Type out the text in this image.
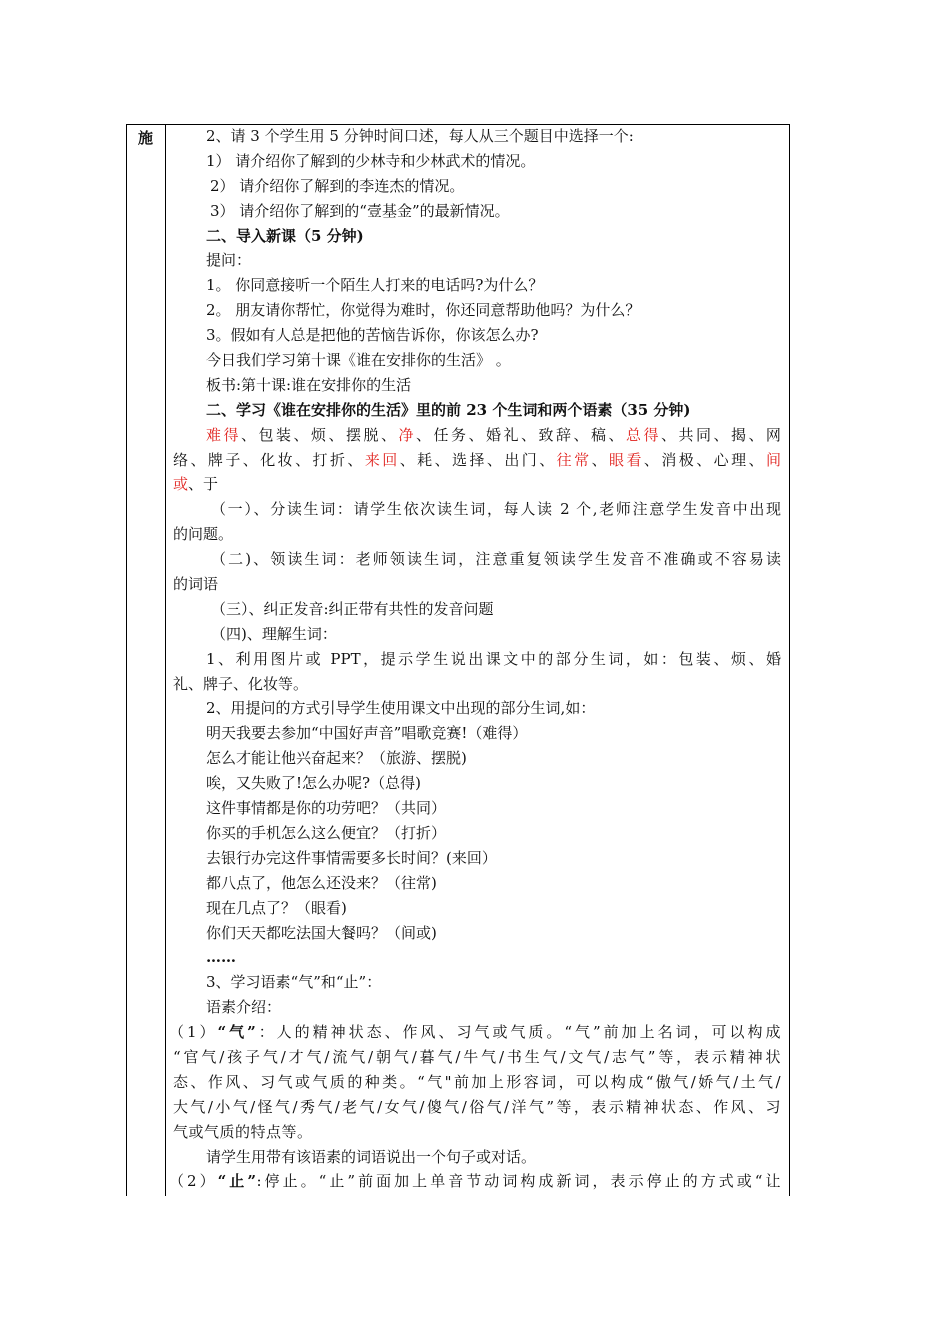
施	2、请 3 个学生用 5 分钟时间口述，每人从三个题目中选择一个:
1） 请介绍你了解到的少林寺和少林武术的情况。
2） 请介绍你了解到的李连杰的情况。
3） 请介绍你了解到的“壹基金”的最新情况。
二、导入新课（5 分钟)
提问：
1。 你同意接听一个陌生人打来的电话吗?为什么？
2。 朋友请你帮忙，你觉得为难时，你还同意帮助他吗？为什么？
3。假如有人总是把他的苦恼告诉你，你该怎么办?
今日我们学习第十课《谁在安排你的生活》 。
板书:第十课:谁在安排你的生活
二、学习《谁在安排你的生活》里的前 23 个生词和两个语素（35 分钟)
难得、包装、烦、摆脱、净、任务、婚礼、致辞、稿、总得、共同、揭、网
络、牌子、化妆、打折、来回、耗、选择、出门、往常、眼看、消极、心理、间
或、于
（一）、分读生词：请学生依次读生词，每人读 2 个,老师注意学生发音中出现
的问题。
（二)、领读生词：老师领读生词，注意重复领读学生发音不准确或不容易读
的词语
（三）、纠正发音:纠正带有共性的发音问题
（四)、理解生词：
1、利用图片或 PPT，提示学生说出课文中的部分生词，如：包装、烦、婚
礼、牌子、化妆等。
2、用提问的方式引导学生使用课文中出现的部分生词,如：
明天我要去参加“中国好声音”唱歌竞赛!（难得）
怎么才能让他兴奋起来？（旅游、摆脱)
唉，又失败了!怎么办呢?（总得)
这件事情都是你的功劳吧？（共同）
你买的手机怎么这么便宜？（打折）
去银行办完这件事情需要多长时间？(来回）
都八点了，他怎么还没来？（往常)
现在几点了？（眼看)
你们天天都吃法国大餐吗？（间或)
……
3、学习语素“气”和“止”：
语素介绍：
（1）“气”：人的精神状态、作风、习气或气质。“气”前加上名词，可以构成
“官气/孩子气/才气/流气/朝气/暮气/牛气/书生气/文气/志气”等，表示精神状
态、作风、习气或气质的种类。“气"前加上形容词，可以构成“傲气/娇气/土气/
大气/小气/怪气/秀气/老气/女气/傻气/俗气/洋气”等，表示精神状态、作风、习
气或气质的特点等。
请学生用带有该语素的词语说出一个句子或对话。
（2）“止”:停止。“止”前面加上单音节动词构成新词，表示停止的方式或“让
